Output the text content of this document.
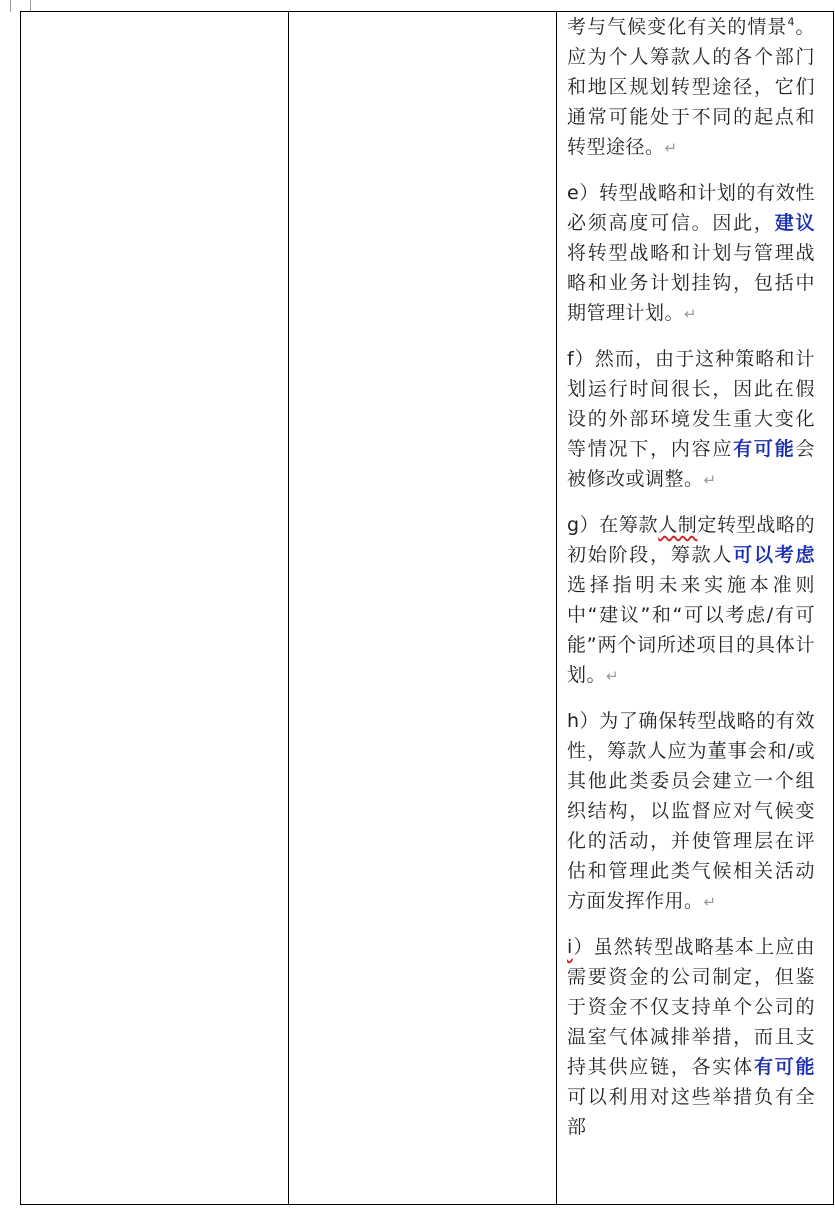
考与气候变化有关的情景$^4$。应为个人筹款人的各个部门和地区规划转型途径，它们通常可能处于不同的起点和转型途径。↵

e）转型战略和计划的有效性必须高度可信。因此，建议将转型战略和计划与管理战略和业务计划挂钩，包括中期管理计划。↵

f）然而，由于这种策略和计划运行时间很长，因此在假设的外部环境发生重大变化等情况下，内容应有可能会被修改或调整。↵

g）在筹款人制定转型战略的初始阶段，筹款人可以考虑选择指明未来实施本准则中“建议”和“可以考虑/有可能”两个词所述项目的具体计划。↵

h）为了确保转型战略的有效性，筹款人应为董事会和/或其他此类委员会建立一个组织结构，以监督应对气候变化的活动，并使管理层在评估和管理此类气候相关活动方面发挥作用。↵

i）虽然转型战略基本上应由需要资金的公司制定，但鉴于资金不仅支持单个公司的温室气体减排举措，而且支持其供应链，各实体有可能可以利用对这些举措负有全部
